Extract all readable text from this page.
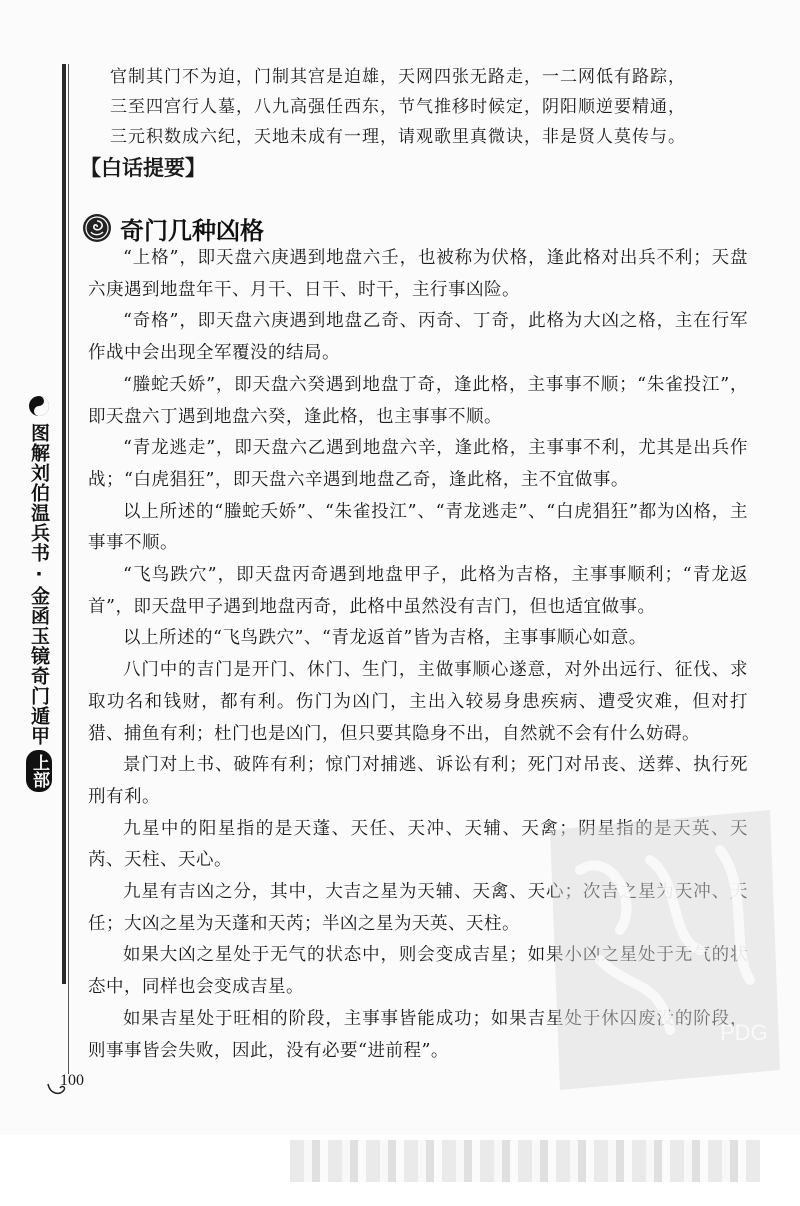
图解刘伯温兵书·金函玉镜奇门遁甲
上部

官制其门不为迫，门制其宫是迫雄，天网四张无路走，一二网低有路踪，

三至四宫行人墓，八九高强任西东，节气推移时候定，阴阳顺逆要精通，

三元积数成六纪，天地未成有一理，请观歌里真微诀，非是贤人莫传与。

【白话提要】
奇门几种凶格

“上格”，即天盘六庚遇到地盘六壬，也被称为伏格，逢此格对出兵不利；天盘六庚遇到地盘年干、月干、日干、时干，主行事凶险。

“奇格”，即天盘六庚遇到地盘乙奇、丙奇、丁奇，此格为大凶之格，主在行军作战中会出现全军覆没的结局。

“螣蛇夭娇”，即天盘六癸遇到地盘丁奇，逢此格，主事事不顺；“朱雀投江”，即天盘六丁遇到地盘六癸，逢此格，也主事事不顺。

“青龙逃走”，即天盘六乙遇到地盘六辛，逢此格，主事事不利，尤其是出兵作战；“白虎猖狂”，即天盘六辛遇到地盘乙奇，逢此格，主不宜做事。

以上所述的“螣蛇夭娇”、“朱雀投江”、“青龙逃走”、“白虎猖狂”都为凶格，主事事不顺。

“飞鸟跌穴”，即天盘丙奇遇到地盘甲子，此格为吉格，主事事顺利；“青龙返首”，即天盘甲子遇到地盘丙奇，此格中虽然没有吉门，但也适宜做事。

以上所述的“飞鸟跌穴”、“青龙返首”皆为吉格，主事事顺心如意。

八门中的吉门是开门、休门、生门，主做事顺心遂意，对外出远行、征伐、求取功名和钱财，都有利。伤门为凶门，主出入较易身患疾病、遭受灾难，但对打猎、捕鱼有利；杜门也是凶门，但只要其隐身不出，自然就不会有什么妨碍。

景门对上书、破阵有利；惊门对捕逃、诉讼有利；死门对吊丧、送葬、执行死刑有利。

九星中的阳星指的是天蓬、天任、天冲、天辅、天禽；阴星指的是天英、天芮、天柱、天心。

九星有吉凶之分，其中，大吉之星为天辅、天禽、天心；次吉之星为天冲、天任；大凶之星为天蓬和天芮；半凶之星为天英、天柱。

如果大凶之星处于无气的状态中，则会变成吉星；如果小凶之星处于无气的状态中，同样也会变成吉星。

如果吉星处于旺相的阶段，主事事皆能成功；如果吉星处于休囚废没的阶段，则事事皆会失败，因此，没有必要“进前程”。

PDG
100
